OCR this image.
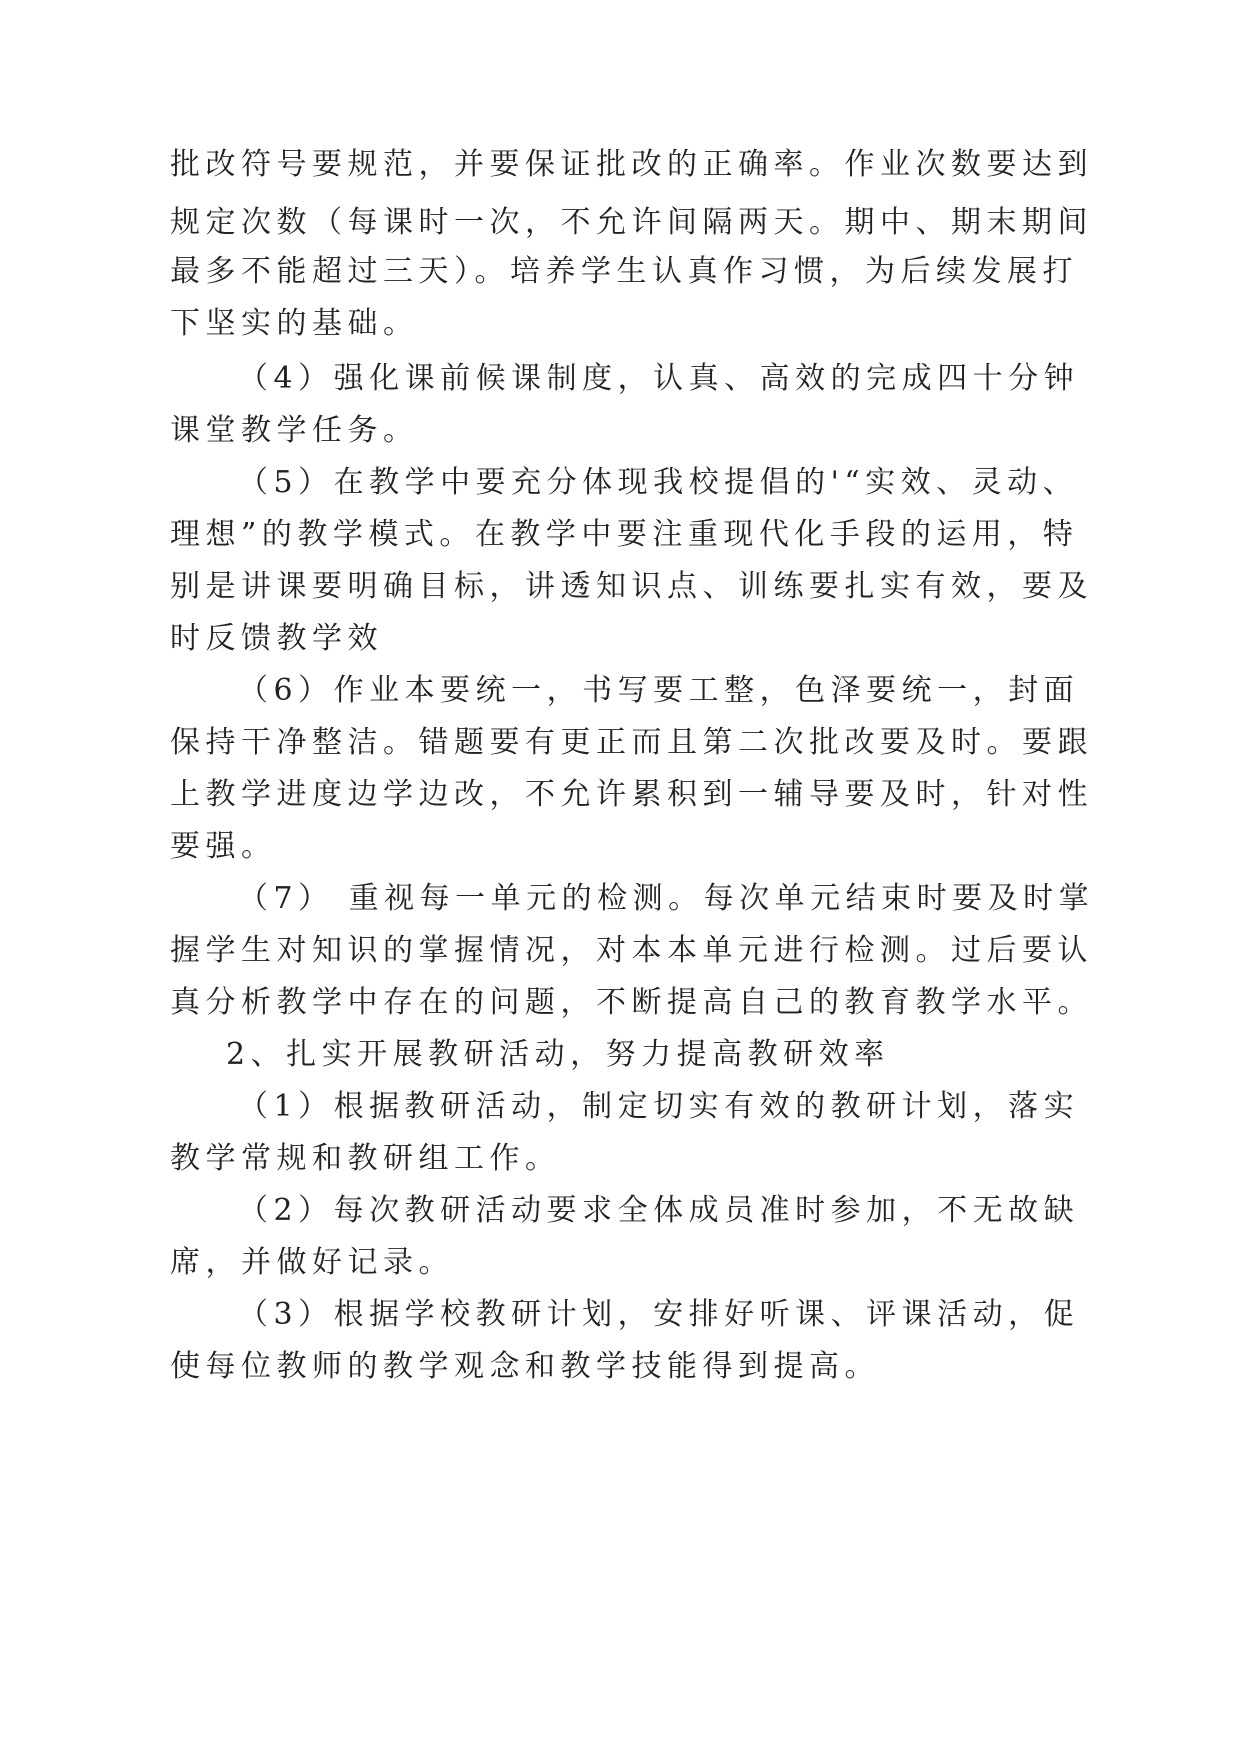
批改符号要规范，并要保证批改的正确率。作业次数要达到
规定次数（每课时一次，不允许间隔两天。期中、期末期间
最多不能超过三天）。培养学生认真作习惯，为后续发展打
下坚实的基础。
（4）强化课前候课制度，认真、高效的完成四十分钟
课堂教学任务。
（5）在教学中要充分体现我校提倡的'“实效、灵动、
理想”的教学模式。在教学中要注重现代化手段的运用，特
别是讲课要明确目标，讲透知识点、训练要扎实有效，要及
时反馈教学效
（6）作业本要统一，书写要工整，色泽要统一，封面
保持干净整洁。错题要有更正而且第二次批改要及时。要跟
上教学进度边学边改，不允许累积到一辅导要及时，针对性
要强。
（7） 重视每一单元的检测。每次单元结束时要及时掌
握学生对知识的掌握情况，对本本单元进行检测。过后要认
真分析教学中存在的问题，不断提高自己的教育教学水平。
2、扎实开展教研活动，努力提高教研效率
（1）根据教研活动，制定切实有效的教研计划，落实
教学常规和教研组工作。
（2）每次教研活动要求全体成员准时参加，不无故缺
席，并做好记录。
（3）根据学校教研计划，安排好听课、评课活动，促
使每位教师的教学观念和教学技能得到提高。
